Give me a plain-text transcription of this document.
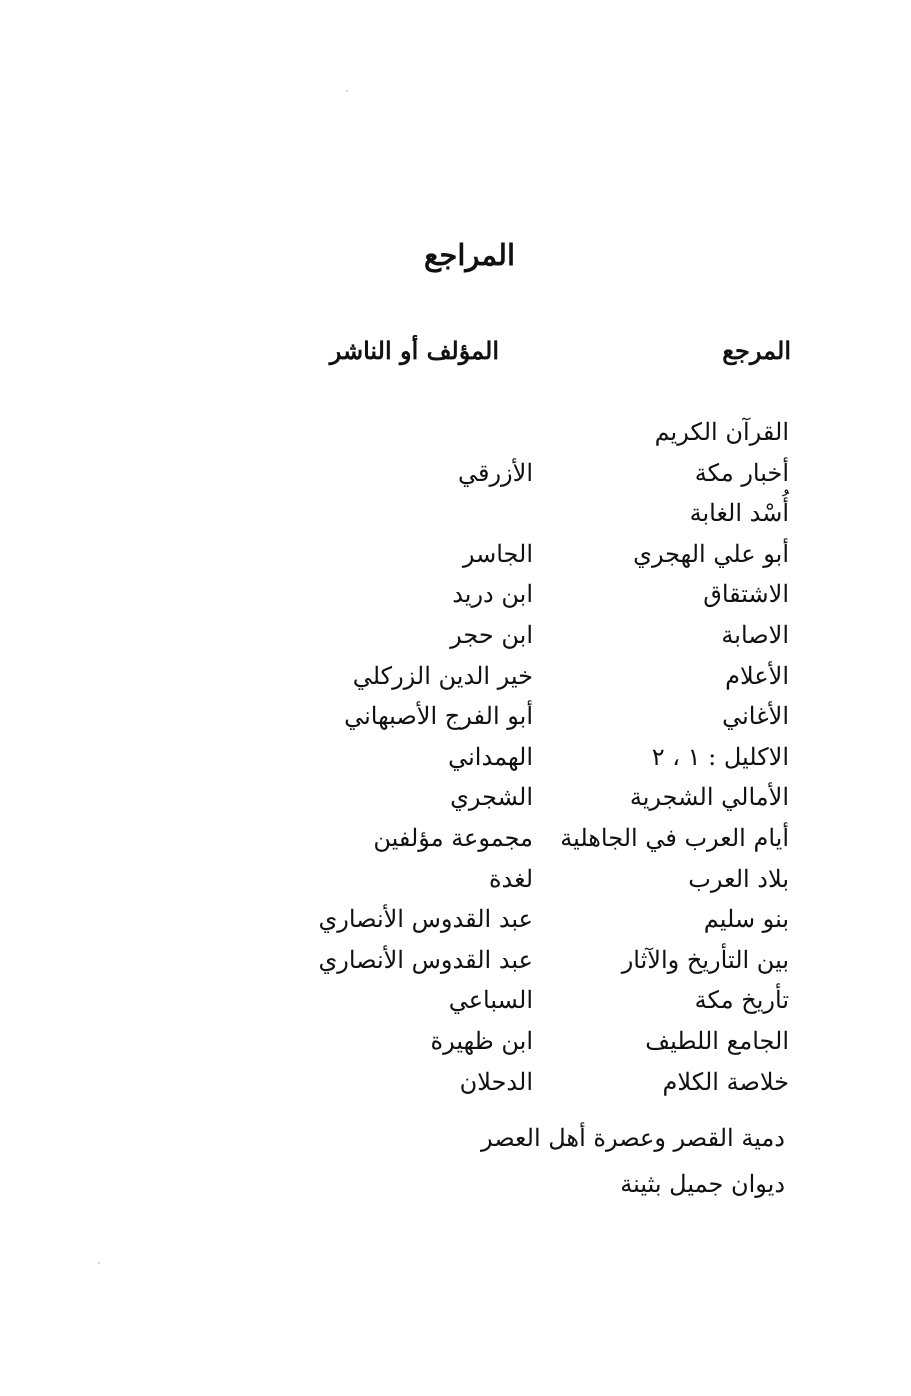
المراجع
المرجع
المؤلف أو الناشر
القرآن الكريم
أخبار مكة
الأزرقي
أُسْد الغابة
أبو علي الهجري
الجاسر
الاشتقاق
ابن دريد
الاصابة
ابن حجر
الأعلام
خير الدين الزركلي
الأغاني
أبو الفرج الأصبهاني
الاكليل : ١ ، ٢
الهمداني
الأمالي الشجرية
الشجري
أيام العرب في الجاهلية
مجموعة مؤلفين
بلاد العرب
لغدة
بنو سليم
عبد القدوس الأنصاري
بين التأريخ والآثار
عبد القدوس الأنصاري
تأريخ مكة
السباعي
الجامع اللطيف
ابن ظهيرة
خلاصة الكلام
الدحلان
دمية القصر وعصرة أهل العصر
ديوان جميل بثينة
